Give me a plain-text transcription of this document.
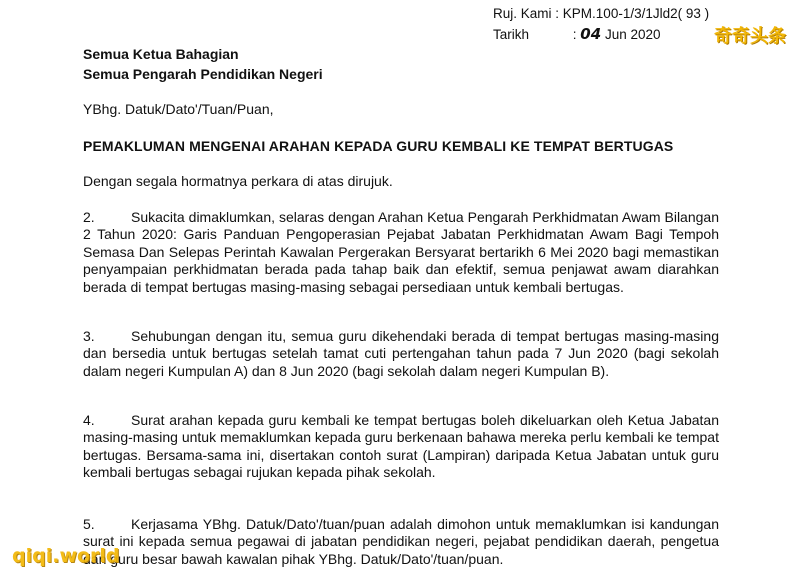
Ruj. Kami : KPM.100-1/3/1Jld2( 93 )
Tarikh	: 04 Jun 2020	奇奇头条
Semua Ketua Bahagian
Semua Pengarah Pendidikan Negeri
YBhg. Datuk/Dato'/Tuan/Puan,
PEMAKLUMAN MENGENAI ARAHAN KEPADA GURU KEMBALI KE TEMPAT BERTUGAS
Dengan segala hormatnya perkara di atas dirujuk.
2.	Sukacita dimaklumkan, selaras dengan Arahan Ketua Pengarah Perkhidmatan Awam Bilangan 2 Tahun 2020: Garis Panduan Pengoperasian Pejabat Jabatan Perkhidmatan Awam Bagi Tempoh Semasa Dan Selepas Perintah Kawalan Pergerakan Bersyarat bertarikh 6 Mei 2020 bagi memastikan penyampaian perkhidmatan berada pada tahap baik dan efektif, semua penjawat awam diarahkan berada di tempat bertugas masing-masing sebagai persediaan untuk kembali bertugas.
3.	Sehubungan dengan itu, semua guru dikehendaki berada di tempat bertugas masing-masing dan bersedia untuk bertugas setelah tamat cuti pertengahan tahun pada 7 Jun 2020 (bagi sekolah dalam negeri Kumpulan A) dan 8 Jun 2020 (bagi sekolah dalam negeri Kumpulan B).
4.	Surat arahan kepada guru kembali ke tempat bertugas boleh dikeluarkan oleh Ketua Jabatan masing-masing untuk memaklumkan kepada guru berkenaan bahawa mereka perlu kembali ke tempat bertugas. Bersama-sama ini, disertakan contoh surat (Lampiran) daripada Ketua Jabatan untuk guru kembali bertugas sebagai rujukan kepada pihak sekolah.
5.	Kerjasama YBhg. Datuk/Dato'/tuan/puan adalah dimohon untuk memaklumkan isi kandungan surat ini kepada semua pegawai di jabatan pendidikan negeri, pejabat pendidikan daerah, pengetua dan guru besar bawah kawalan pihak YBhg. Datuk/Dato'/tuan/puan.
qiqi.world
